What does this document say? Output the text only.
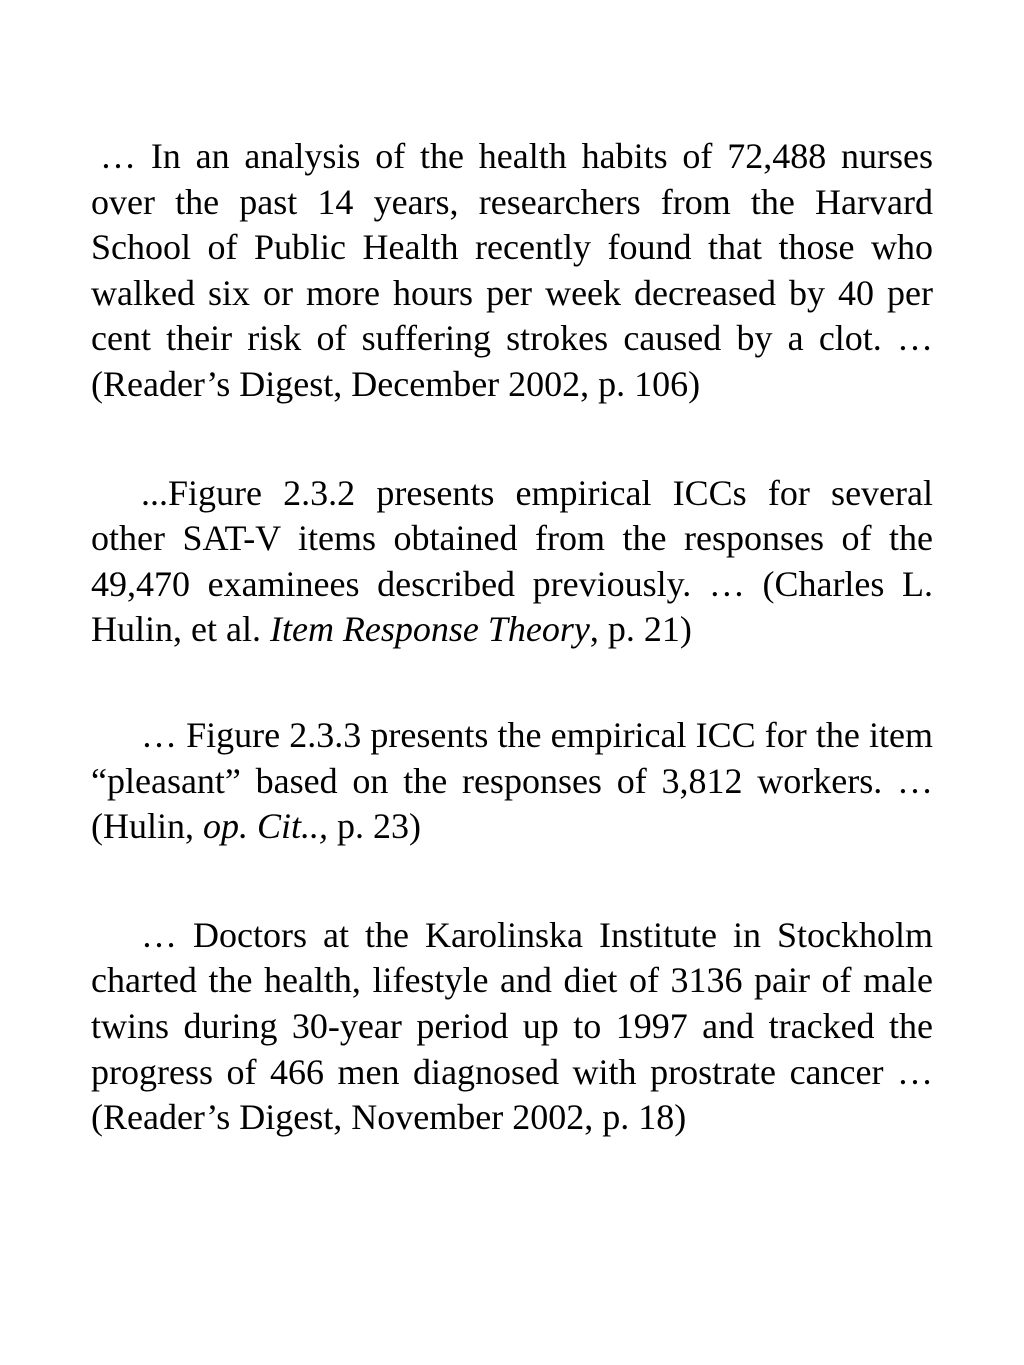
… In an analysis of the health habits of 72,488 nurses over the past 14 years, researchers from the Harvard School of Public Health recently found that those who walked six or more hours per week decreased by 40 per cent their risk of suffering strokes caused by a clot. … (Reader’s Digest, December 2002, p. 106)

...Figure 2.3.2 presents empirical ICCs for several other SAT-V items obtained from the responses of the 49,470 examinees described previously. … (Charles L. Hulin, et al. Item Response Theory, p. 21)

… Figure 2.3.3 presents the empirical ICC for the item “pleasant” based on the responses of 3,812 workers. … (Hulin, op. Cit.., p. 23)

… Doctors at the Karolinska Institute in Stockholm charted the health, lifestyle and diet of 3136 pair of male twins during 30-year period up to 1997 and tracked the progress of 466 men diagnosed with prostrate cancer … (Reader’s Digest, November 2002, p. 18)
